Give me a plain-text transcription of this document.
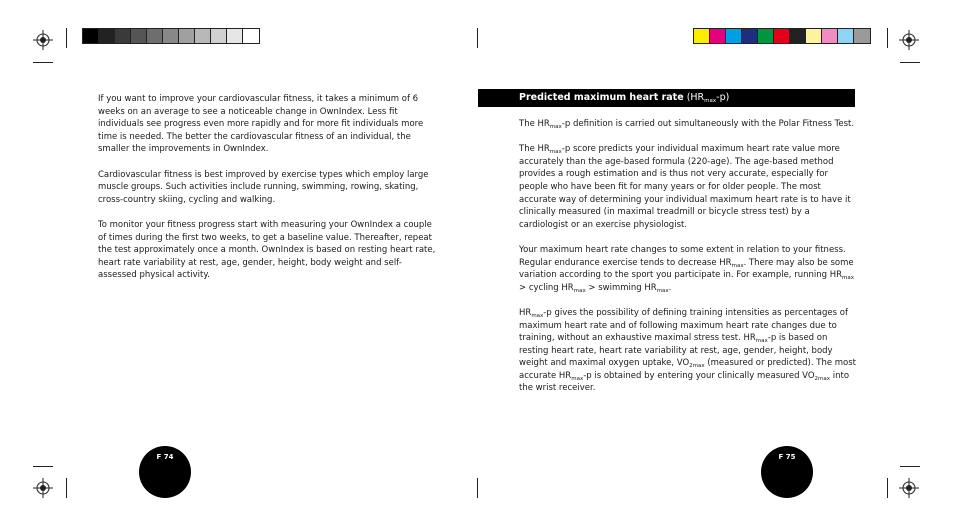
If you want to improve your cardiovascular fitness, it takes a minimum of 6 weeks on an average to see a noticeable change in OwnIndex. Less fit individuals see progress even more rapidly and for more fit individuals more time is needed. The better the cardiovascular fitness of an individual, the smaller the improvements in OwnIndex.

Cardiovascular fitness is best improved by exercise types which employ large muscle groups. Such activities include running, swimming, rowing, skating, cross-country skiing, cycling and walking.

To monitor your fitness progress start with measuring your OwnIndex a couple of times during the first two weeks, to get a baseline value. Thereafter, repeat the test approximately once a month. OwnIndex is based on resting heart rate, heart rate variability at rest, age, gender, height, body weight and self-assessed physical activity.

F 74
Predicted maximum heart rate $(HR_{max}-p)$

The $HR_{max}-p$ definition is carried out simultaneously with the Polar Fitness Test.

The $HR_{max}-p$ score predicts your individual maximum heart rate value more accurately than the age-based formula (220-age). The age-based method provides a rough estimation and is thus not very accurate, especially for people who have been fit for many years or for older people. The most accurate way of determining your individual maximum heart rate is to have it clinically measured (in maximal treadmill or bicycle stress test) by a cardiologist or an exercise physiologist.

Your maximum heart rate changes to some extent in relation to your fitness. Regular endurance exercise tends to decrease $HR_{max}$. There may also be some variation according to the sport you participate in. For example, running $HR_{max}$ > cycling $HR_{max}$ > swimming $HR_{max}$.

$HR_{max}-p$ gives the possibility of defining training intensities as percentages of maximum heart rate and of following maximum heart rate changes due to training, without an exhaustive maximal stress test. $HR_{max}-p$ is based on resting heart rate, heart rate variability at rest, age, gender, height, body weight and maximal oxygen uptake, $VO_{2max}$ (measured or predicted). The most accurate $HR_{max}-p$ is obtained by entering your clinically measured $VO_{2max}$ into the wrist receiver.

F 75
